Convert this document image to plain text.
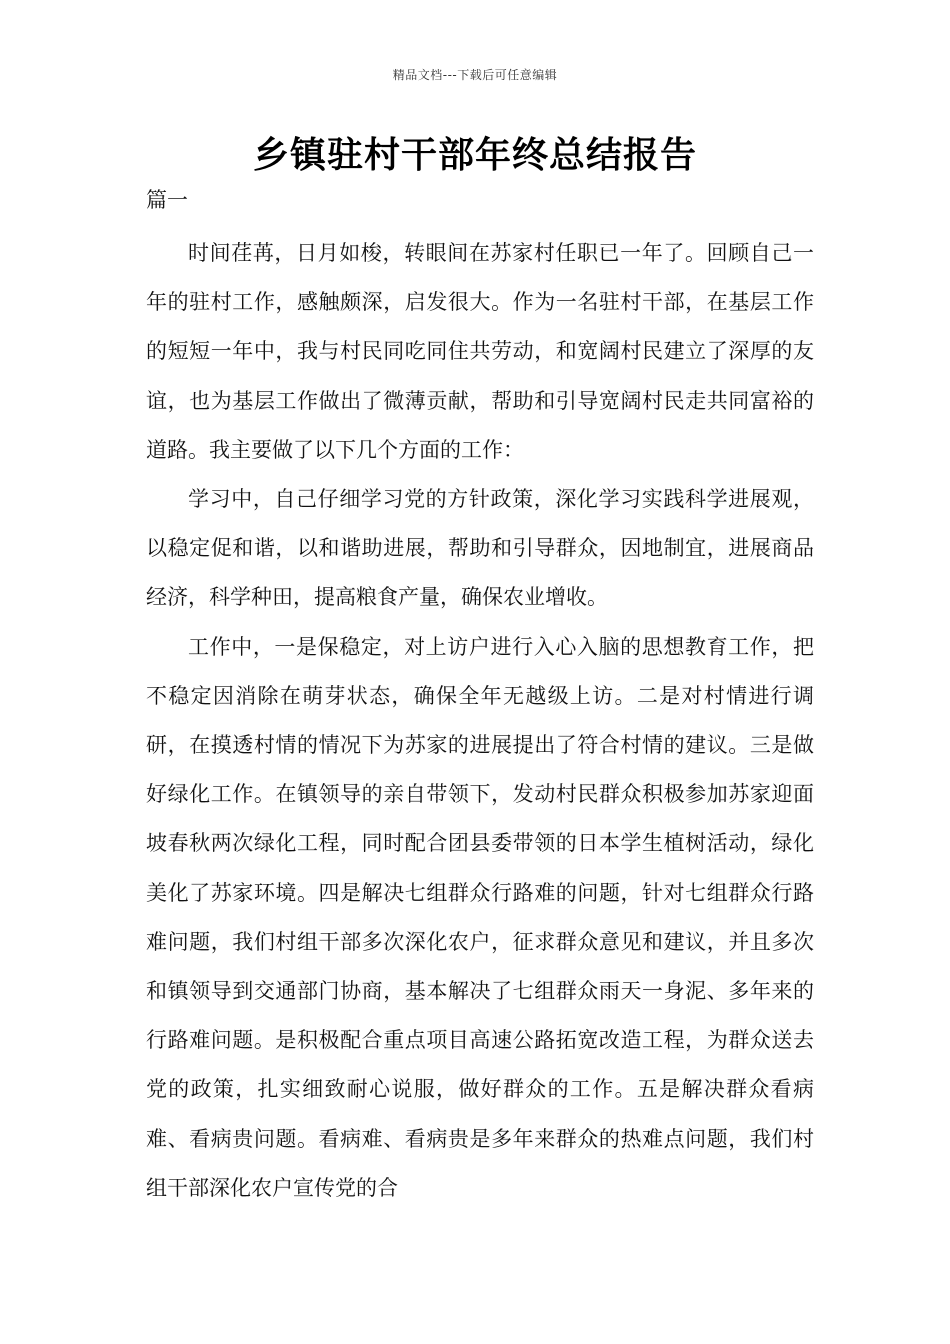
精品文档---下载后可任意编辑
乡镇驻村干部年终总结报告
篇一

时间荏苒，日月如梭，转眼间在苏家村任职已一年了。回顾自己一年的驻村工作，感触颇深，启发很大。作为一名驻村干部，在基层工作的短短一年中，我与村民同吃同住共劳动，和宽阔村民建立了深厚的友谊，也为基层工作做出了微薄贡献，帮助和引导宽阔村民走共同富裕的道路。我主要做了以下几个方面的工作：

学习中，自己仔细学习党的方针政策，深化学习实践科学进展观，以稳定促和谐，以和谐助进展，帮助和引导群众，因地制宜，进展商品经济，科学种田，提高粮食产量，确保农业增收。

工作中，一是保稳定，对上访户进行入心入脑的思想教育工作，把不稳定因消除在萌芽状态，确保全年无越级上访。二是对村情进行调研，在摸透村情的情况下为苏家的进展提出了符合村情的建议。三是做好绿化工作。在镇领导的亲自带领下，发动村民群众积极参加苏家迎面坡春秋两次绿化工程，同时配合团县委带领的日本学生植树活动，绿化美化了苏家环境。四是解决七组群众行路难的问题，针对七组群众行路难问题，我们村组干部多次深化农户，征求群众意见和建议，并且多次和镇领导到交通部门协商，基本解决了七组群众雨天一身泥、多年来的行路难问题。是积极配合重点项目高速公路拓宽改造工程，为群众送去党的政策，扎实细致耐心说服，做好群众的工作。五是解决群众看病难、看病贵问题。看病难、看病贵是多年来群众的热难点问题，我们村组干部深化农户宣传党的合
